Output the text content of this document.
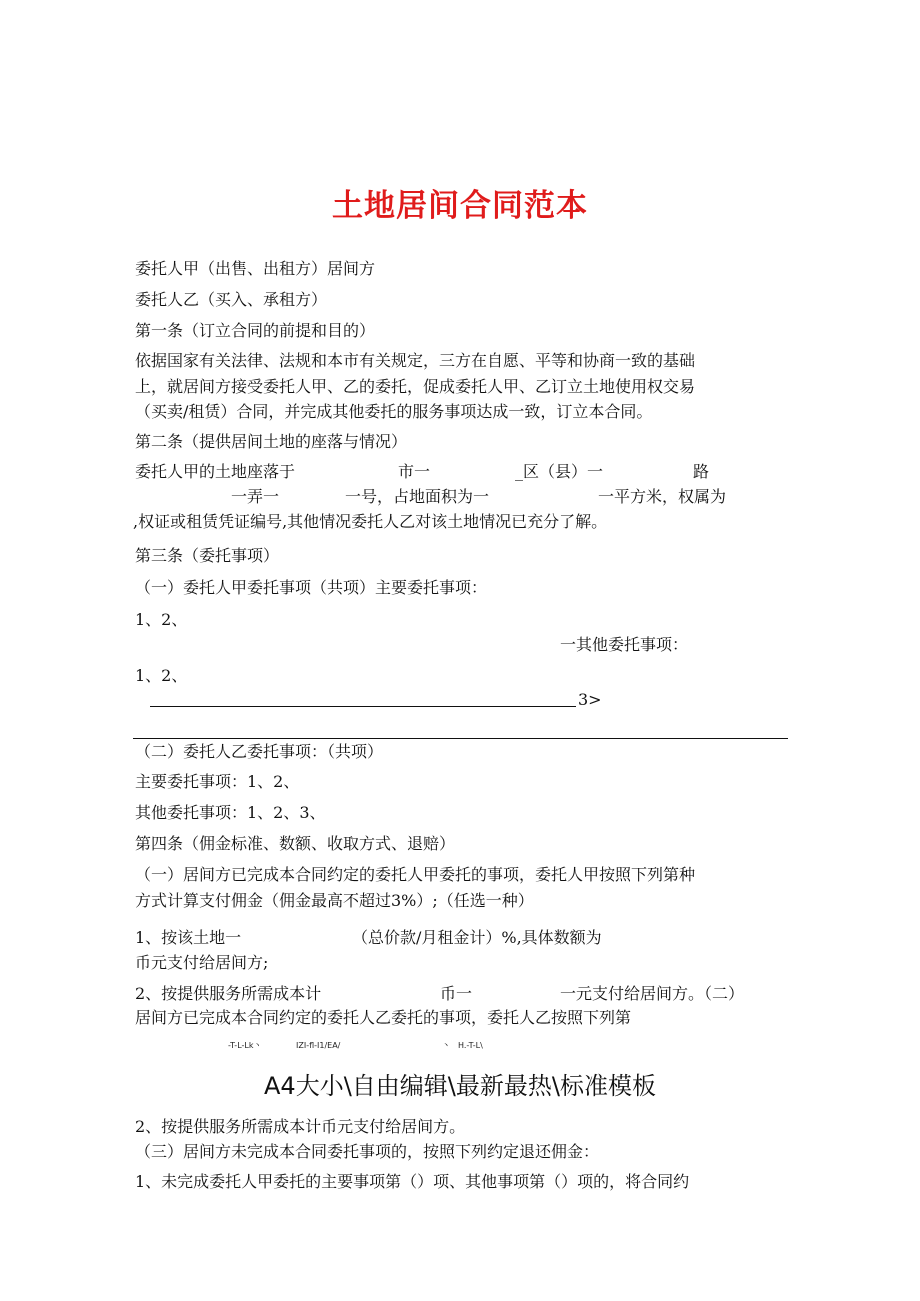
土地居间合同范本
委托人甲（出售、出租方）居间方
委托人乙（买入、承租方）
第一条（订立合同的前提和目的）
依据国家有关法律、法规和本市有关规定，三方在自愿、平等和协商一致的基础
上，就居间方接受委托人甲、乙的委托，促成委托人甲、乙订立土地使用权交易
（买卖/租赁）合同，并完成其他委托的服务事项达成一致，订立本合同。
第二条（提供居间土地的座落与情况）
委托人甲的土地座落于	市一	_区（县）一	路
一弄一	一号，占地面积为一	一平方米，权属为
,权证或租赁凭证编号,其他情况委托人乙对该土地情况已充分了解。
第三条（委托事项）
（一）委托人甲委托事项（共项）主要委托事项：
1、2、
一其他委托事项：
1、2、
3>
（二）委托人乙委托事项：（共项）
主要委托事项：1、2、
其他委托事项：1、2、3、
第四条（佣金标准、数额、收取方式、退赔）
（一）居间方已完成本合同约定的委托人甲委托的事项，委托人甲按照下列第种
方式计算支付佣金（佣金最高不超过3%）;（任选一种）
1、按该土地一	（总价款/月租金计）%,具体数额为
币元支付给居间方;
2、按提供服务所需成本计	币一	一元支付给居间方。（二）
居间方已完成本合同约定的委托人乙委托的事项，委托人乙按照下列第
-T-L-Lk丶	IZI-fl-I1/EA/	丶 H.-T-L\
A4大小\自由编辑\最新最热\标准模板
2、按提供服务所需成本计币元支付给居间方。
（三）居间方未完成本合同委托事项的，按照下列约定退还佣金：
1、未完成委托人甲委托的主要事项第（）项、其他事项第（）项的，将合同约
